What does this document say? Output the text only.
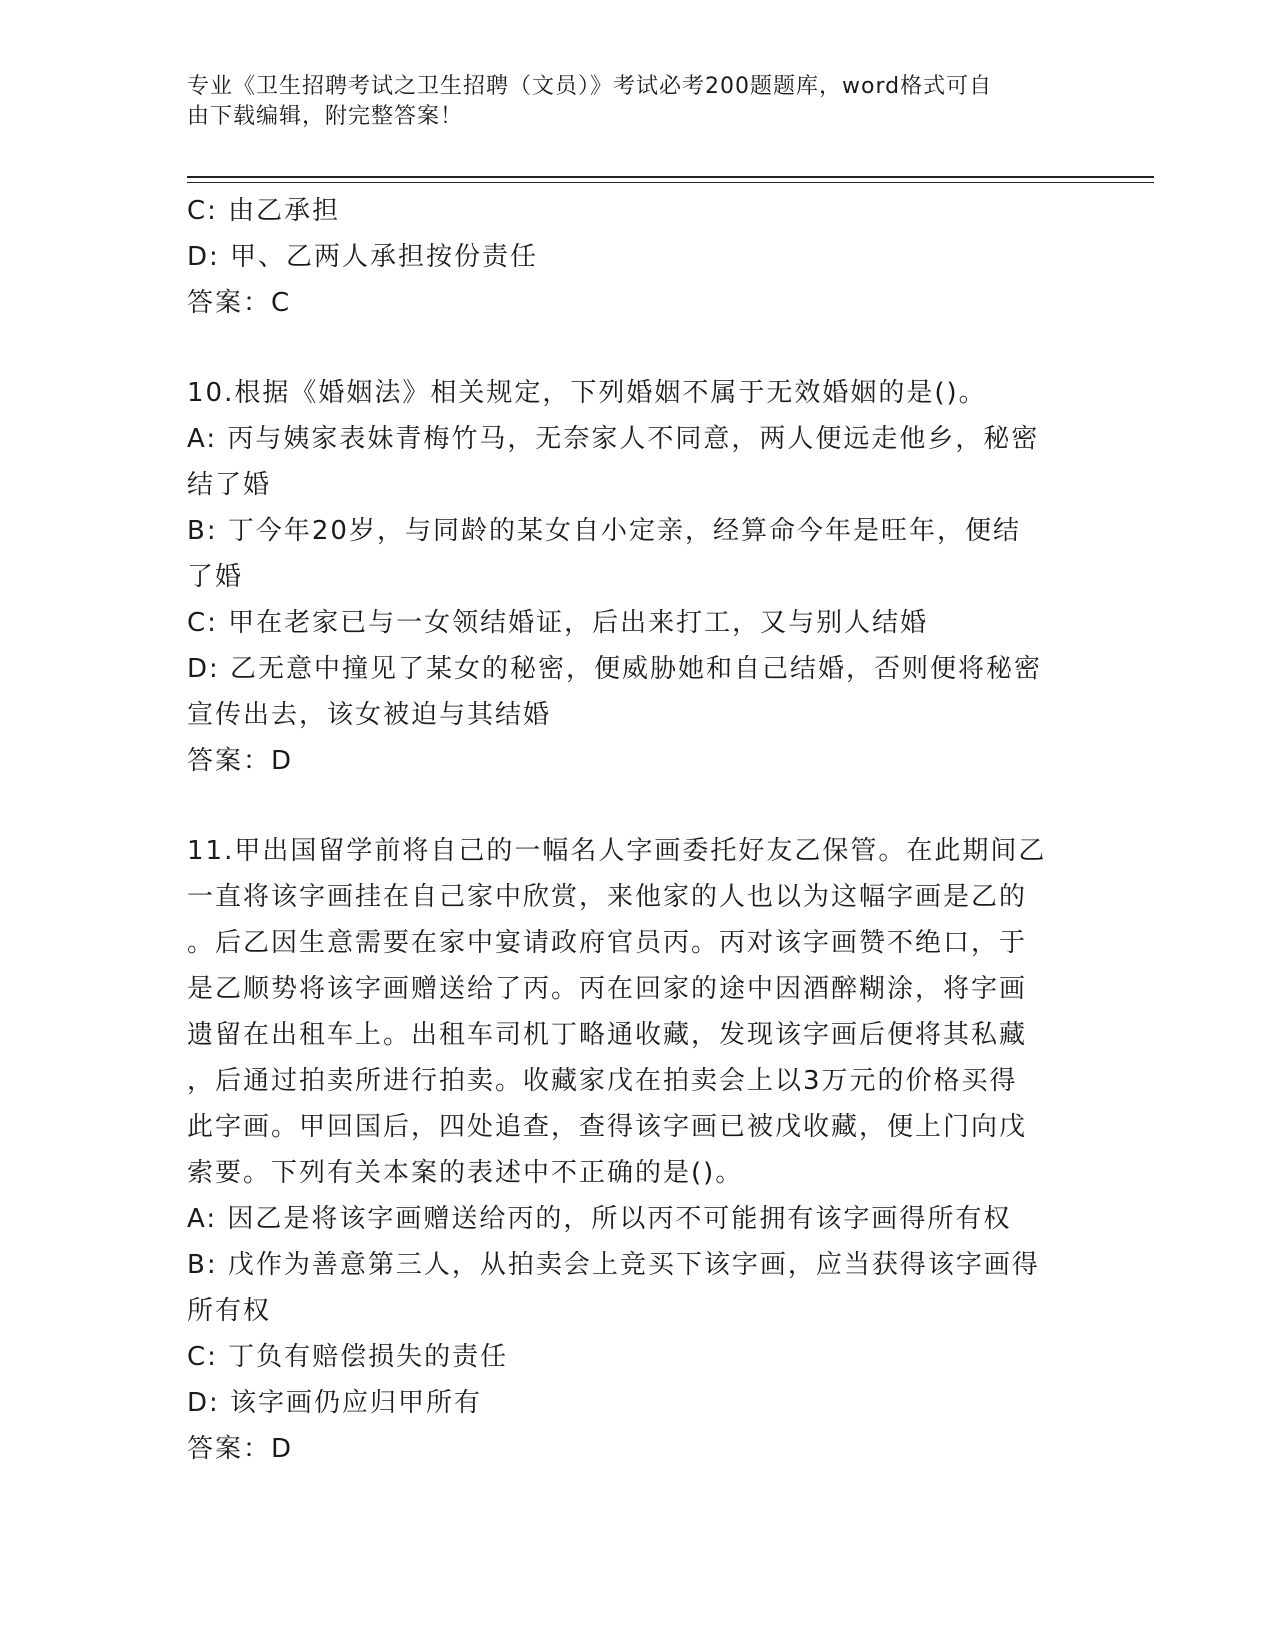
专业《卫生招聘考试之卫生招聘（文员）》考试必考200题题库，word格式可自
由下载编辑，附完整答案！
C: 由乙承担
D: 甲、乙两人承担按份责任
答案：C
10.根据《婚姻法》相关规定，下列婚姻不属于无效婚姻的是()。
A: 丙与姨家表妹青梅竹马，无奈家人不同意，两人便远走他乡，秘密
结了婚
B: 丁今年20岁，与同龄的某女自小定亲，经算命今年是旺年，便结
了婚
C: 甲在老家已与一女领结婚证，后出来打工，又与别人结婚
D: 乙无意中撞见了某女的秘密，便威胁她和自己结婚，否则便将秘密
宣传出去，该女被迫与其结婚
答案：D
11.甲出国留学前将自己的一幅名人字画委托好友乙保管。在此期间乙
一直将该字画挂在自己家中欣赏，来他家的人也以为这幅字画是乙的
。后乙因生意需要在家中宴请政府官员丙。丙对该字画赞不绝口，于
是乙顺势将该字画赠送给了丙。丙在回家的途中因酒醉糊涂，将字画
遗留在出租车上。出租车司机丁略通收藏，发现该字画后便将其私藏
，后通过拍卖所进行拍卖。收藏家戊在拍卖会上以3万元的价格买得
此字画。甲回国后，四处追查，查得该字画已被戊收藏，便上门向戊
索要。下列有关本案的表述中不正确的是()。
A: 因乙是将该字画赠送给丙的，所以丙不可能拥有该字画得所有权
B: 戊作为善意第三人，从拍卖会上竞买下该字画，应当获得该字画得
所有权
C: 丁负有赔偿损失的责任
D: 该字画仍应归甲所有
答案：D
